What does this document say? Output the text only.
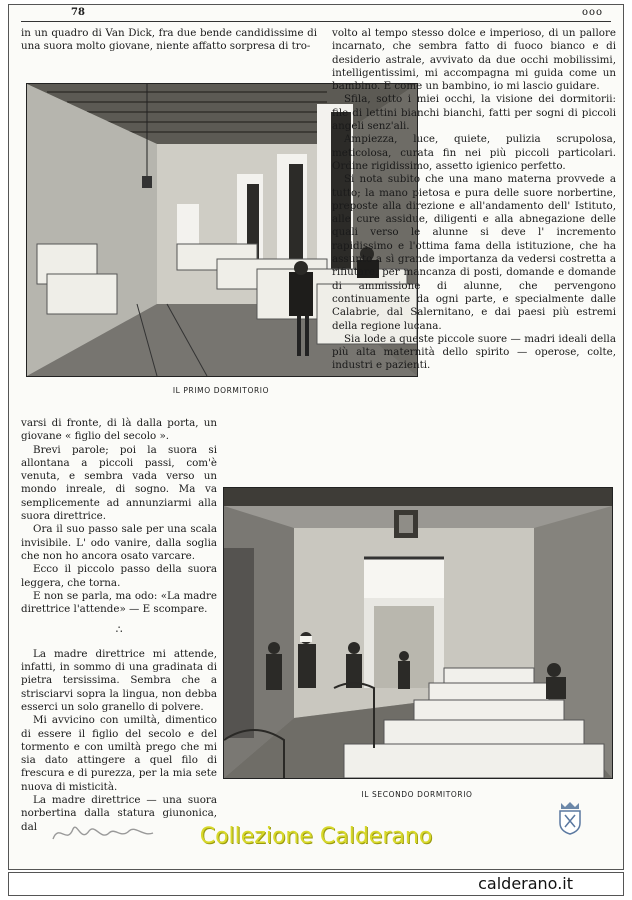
78	ooo

in un quadro di Van Dick, fra due bende candidissime di una suora molto giovane, niente affatto sorpresa di tro-

IL PRIMO DORMITORIO

volto al tempo stesso dolce e imperioso, di un pallore incarnato, che sembra fatto di fuoco bianco e di desiderio astrale, avvivato da due occhi mobilissimi, intelligentissimi, mi accompagna mi guida come un bambino. E come un bambino, io mi lascio guidare.

Sfila, sotto i miei occhi, la visione dei dormitorii: file di lettini bianchi bianchi, fatti per sogni di piccoli angeli senz'ali.

Ampiezza, luce, quiete, pulizia scrupolosa, meticolosa, curata fin nei più piccoli particolari. Ordine rigidissimo, assetto igienico perfetto.

Si nota subito che una mano materna provvede a tutto; la mano pietosa e pura delle suore norbertine, preposte alla direzione e all'andamento dell' Istituto, alle cure assidue, diligenti e alla abnegazione delle quali verso le alunne si deve l' incremento rapidissimo e l'ottima fama della istituzione, che ha assunto a sì grande importanza da vedersi costretta a rifiutare, per mancanza di posti, domande e domande di ammissione di alunne, che pervengono continuamente da ogni parte, e specialmente dalle Calabrie, dal Salernitano, e dai paesi più estremi della regione lucana.

Sia lode a queste piccole suore — madri ideali della più alta maternità dello spirito — operose, colte, industri e pazienti.

varsi di fronte, di là dalla porta, un giovane « figlio del secolo ».

Brevi parole; poi la suora si allontana a piccoli passi, com'è venuta, e sembra vada verso un mondo inreale, di sogno. Ma va semplicemente ad annunziarmi alla suora direttrice.

Ora il suo passo sale per una scala invisibile. L' odo vanire, dalla soglia che non ho ancora osato varcare.

Ecco il piccolo passo della suora leggera, che torna.

E non se parla, ma odo: «La madre direttrice l'attende» — E scompare.

∴

La madre direttrice mi attende, infatti, in sommo di una gradinata di pietra tersissima. Sembra che a strisciarvi sopra la lingua, non debba esserci un solo granello di polvere.

Mi avvicino con umiltà, dimentico di essere il figlio del secolo e del tormento e con umiltà prego che mi sia dato attingere a quel filo di frescura e di purezza, per la mia sete nuova di misticità.

La madre direttrice — una suora norbertina dalla statura giunonica, dal

IL SECONDO DORMITORIO
Collezione Calderano
calderano.it
